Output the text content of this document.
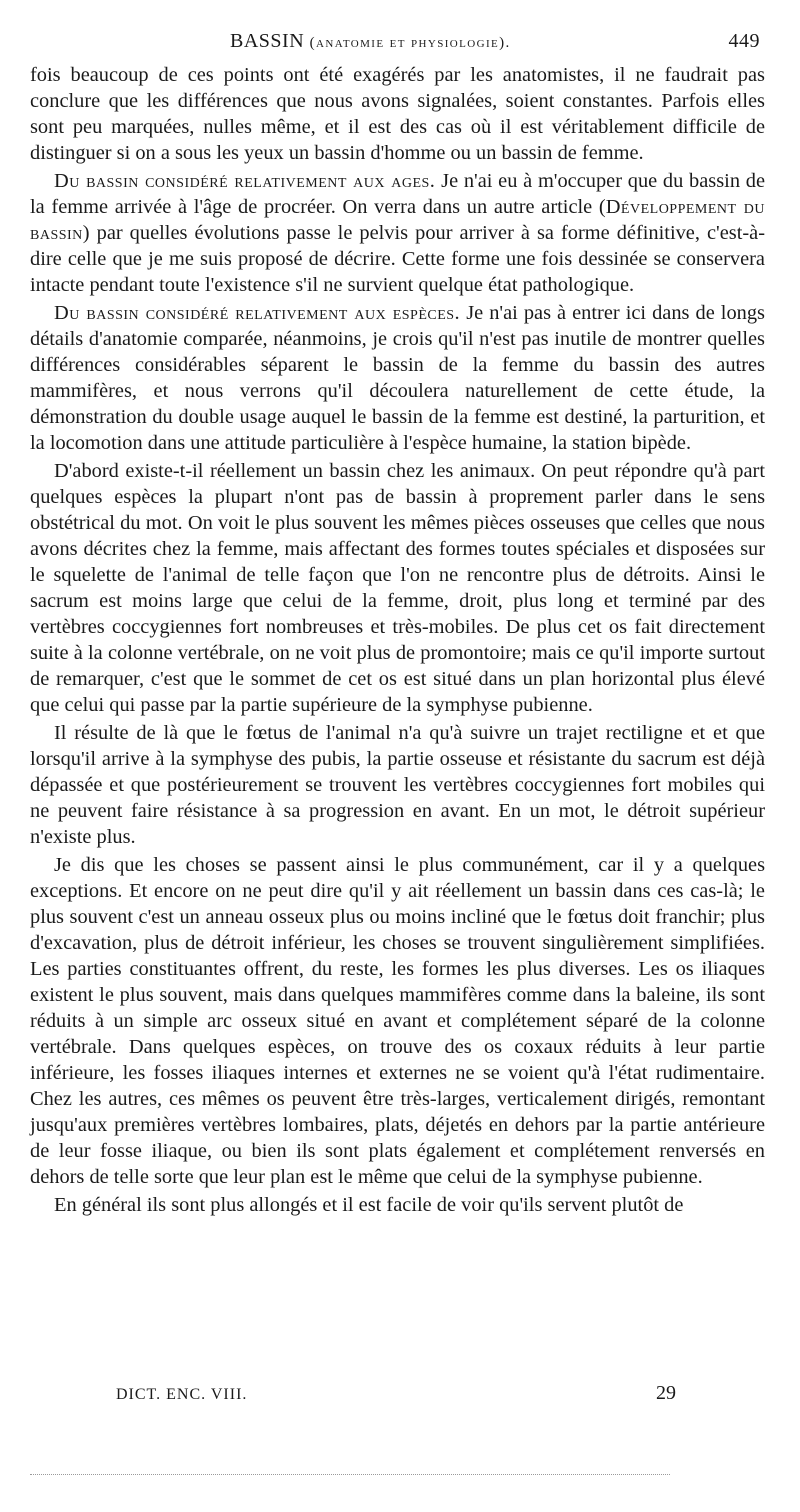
BASSIN (anatomie et physiologie).	449

fois beaucoup de ces points ont été exagérés par les anatomistes, il ne faudrait pas conclure que les différences que nous avons signalées, soient constantes. Parfois elles sont peu marquées, nulles même, et il est des cas où il est véritablement difficile de distinguer si on a sous les yeux un bassin d'homme ou un bassin de femme.

Du bassin considéré relativement aux ages. Je n'ai eu à m'occuper que du bassin de la femme arrivée à l'âge de procréer. On verra dans un autre article (Développement du bassin) par quelles évolutions passe le pelvis pour arriver à sa forme définitive, c'est-à-dire celle que je me suis proposé de décrire. Cette forme une fois dessinée se conservera intacte pendant toute l'existence s'il ne survient quelque état pathologique.

Du bassin considéré relativement aux espèces. Je n'ai pas à entrer ici dans de longs détails d'anatomie comparée, néanmoins, je crois qu'il n'est pas inutile de montrer quelles différences considérables séparent le bassin de la femme du bassin des autres mammifères, et nous verrons qu'il découlera naturellement de cette étude, la démonstration du double usage auquel le bassin de la femme est destiné, la parturition, et la locomotion dans une attitude particulière à l'espèce humaine, la station bipède.

D'abord existe-t-il réellement un bassin chez les animaux. On peut répondre qu'à part quelques espèces la plupart n'ont pas de bassin à proprement parler dans le sens obstétrical du mot. On voit le plus souvent les mêmes pièces osseuses que celles que nous avons décrites chez la femme, mais affectant des formes toutes spéciales et disposées sur le squelette de l'animal de telle façon que l'on ne rencontre plus de détroits. Ainsi le sacrum est moins large que celui de la femme, droit, plus long et terminé par des vertèbres coccygiennes fort nombreuses et très-mobiles. De plus cet os fait directement suite à la colonne vertébrale, on ne voit plus de promontoire; mais ce qu'il importe surtout de remarquer, c'est que le sommet de cet os est situé dans un plan horizontal plus élevé que celui qui passe par la partie supérieure de la symphyse pubienne.

Il résulte de là que le fœtus de l'animal n'a qu'à suivre un trajet rectiligne et et que lorsqu'il arrive à la symphyse des pubis, la partie osseuse et résistante du sacrum est déjà dépassée et que postérieurement se trouvent les vertèbres coccygiennes fort mobiles qui ne peuvent faire résistance à sa progression en avant. En un mot, le détroit supérieur n'existe plus.

Je dis que les choses se passent ainsi le plus communément, car il y a quelques exceptions. Et encore on ne peut dire qu'il y ait réellement un bassin dans ces cas-là; le plus souvent c'est un anneau osseux plus ou moins incliné que le fœtus doit franchir; plus d'excavation, plus de détroit inférieur, les choses se trouvent singulièrement simplifiées. Les parties constituantes offrent, du reste, les formes les plus diverses. Les os iliaques existent le plus souvent, mais dans quelques mammifères comme dans la baleine, ils sont réduits à un simple arc osseux situé en avant et complétement séparé de la colonne vertébrale. Dans quelques espèces, on trouve des os coxaux réduits à leur partie inférieure, les fosses iliaques internes et externes ne se voient qu'à l'état rudimentaire. Chez les autres, ces mêmes os peuvent être très-larges, verticalement dirigés, remontant jusqu'aux premières vertèbres lombaires, plats, déjetés en dehors par la partie antérieure de leur fosse iliaque, ou bien ils sont plats également et complétement renversés en dehors de telle sorte que leur plan est le même que celui de la symphyse pubienne.

En général ils sont plus allongés et il est facile de voir qu'ils servent plutôt de

DICT. ENC. VIII.	29
